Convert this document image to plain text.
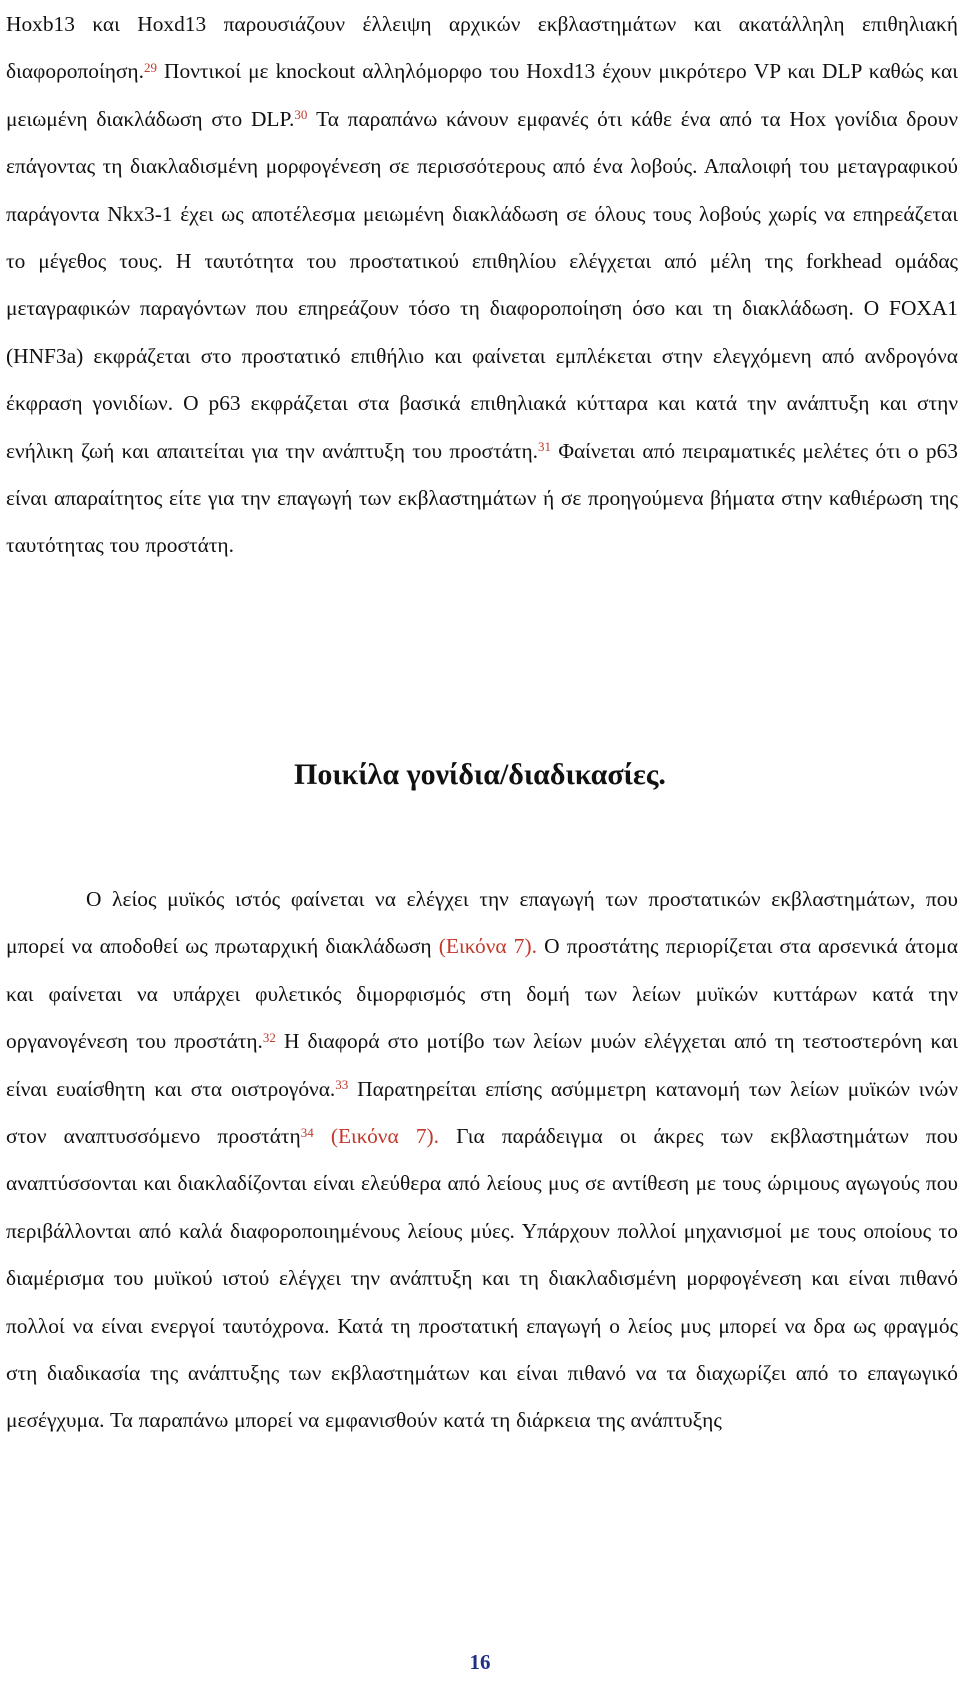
Hoxb13 και Hoxd13 παρουσιάζουν έλλειψη αρχικών εκβλαστημάτων και ακατάλληλη επιθηλιακή διαφοροποίηση.$^{29}$ Ποντικοί με knockout αλληλόμορφο του Hoxd13 έχουν μικρότερο VP και DLP καθώς και μειωμένη διακλάδωση στο DLP.$^{30}$ Τα παραπάνω κάνουν εμφανές ότι κάθε ένα από τα Hox γονίδια δρουν επάγοντας τη διακλαδισμένη μορφογένεση σε περισσότερους από ένα λοβούς. Απαλοιφή του μεταγραφικού παράγοντα Nkx3-1 έχει ως αποτέλεσμα μειωμένη διακλάδωση σε όλους τους λοβούς χωρίς να επηρεάζεται το μέγεθος τους. Η ταυτότητα του προστατικού επιθηλίου ελέγχεται από μέλη της forkhead ομάδας μεταγραφικών παραγόντων που επηρεάζουν τόσο τη διαφοροποίηση όσο και τη διακλάδωση. Ο FOXA1 (HNF3a) εκφράζεται στο προστατικό επιθήλιο και φαίνεται εμπλέκεται στην ελεγχόμενη από ανδρογόνα έκφραση γονιδίων. Ο p63 εκφράζεται στα βασικά επιθηλιακά κύτταρα και κατά την ανάπτυξη και στην ενήλικη ζωή και απαιτείται για την ανάπτυξη του προστάτη.$^{31}$ Φαίνεται από πειραματικές μελέτες ότι ο p63 είναι απαραίτητος είτε για την επαγωγή των εκβλαστημάτων ή σε προηγούμενα βήματα στην καθιέρωση της ταυτότητας του προστάτη.
Ποικίλα γονίδια/διαδικασίες.
Ο λείος μυϊκός ιστός φαίνεται να ελέγχει την επαγωγή των προστατικών εκβλαστημάτων, που μπορεί να αποδοθεί ως πρωταρχική διακλάδωση (Εικόνα 7). Ο προστάτης περιορίζεται στα αρσενικά άτομα και φαίνεται να υπάρχει φυλετικός διμορφισμός στη δομή των λείων μυϊκών κυττάρων κατά την οργανογένεση του προστάτη.$^{32}$ Η διαφορά στο μοτίβο των λείων μυών ελέγχεται από τη τεστοστερόνη και είναι ευαίσθητη και στα οιστρογόνα.$^{33}$ Παρατηρείται επίσης ασύμμετρη κατανομή των λείων μυϊκών ινών στον αναπτυσσόμενο προστάτη$^{34}$ (Εικόνα 7). Για παράδειγμα οι άκρες των εκβλαστημάτων που αναπτύσσονται και διακλαδίζονται είναι ελεύθερα από λείους μυς σε αντίθεση με τους ώριμους αγωγούς που περιβάλλονται από καλά διαφοροποιημένους λείους μύες. Υπάρχουν πολλοί μηχανισμοί με τους οποίους το διαμέρισμα του μυϊκού ιστού ελέγχει την ανάπτυξη και τη διακλαδισμένη μορφογένεση και είναι πιθανό πολλοί να είναι ενεργοί ταυτόχρονα. Κατά τη προστατική επαγωγή ο λείος μυς μπορεί να δρα ως φραγμός στη διαδικασία της ανάπτυξης των εκβλαστημάτων και είναι πιθανό να τα διαχωρίζει από το επαγωγικό μεσέγχυμα. Τα παραπάνω μπορεί να εμφανισθούν κατά τη διάρκεια της ανάπτυξης
16
